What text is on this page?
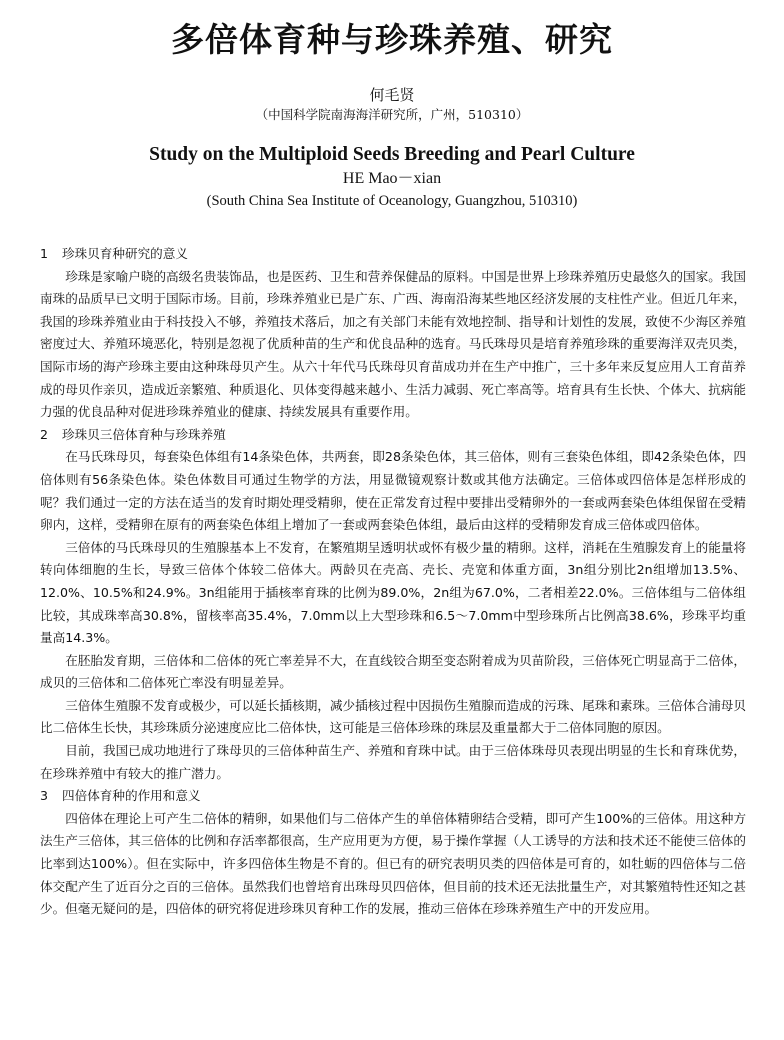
多倍体育种与珍珠养殖、研究
何毛贤
（中国科学院南海海洋研究所，广州，510310）
Study on the Multiploid Seeds Breeding and Pearl Culture
HE Mao－xian
(South China Sea Institute of Oceanology, Guangzhou, 510310)

1 珍珠贝育种研究的意义

珍珠是家喻户晓的高级名贵装饰品，也是医药、卫生和营养保健品的原料。中国是世界上珍珠养殖历史最悠久的国家。我国南珠的品质早已文明于国际市场。目前，珍珠养殖业已是广东、广西、海南沿海某些地区经济发展的支柱性产业。但近几年来，我国的珍珠养殖业由于科技投入不够，养殖技术落后，加之有关部门未能有效地控制、指导和计划性的发展，致使不少海区养殖密度过大、养殖环境恶化，特别是忽视了优质种苗的生产和优良品种的选育。马氏珠母贝是培育养殖珍珠的重要海洋双壳贝类，国际市场的海产珍珠主要由这种珠母贝产生。从六十年代马氏珠母贝育苗成功并在生产中推广，三十多年来反复应用人工育苗养成的母贝作亲贝，造成近亲繁殖、种质退化、贝体变得越来越小、生活力减弱、死亡率高等。培育具有生长快、个体大、抗病能力强的优良品种对促进珍珠养殖业的健康、持续发展具有重要作用。

2 珍珠贝三倍体育种与珍珠养殖

在马氏珠母贝，每套染色体组有14条染色体，共两套，即28条染色体，其三倍体，则有三套染色体组，即42条染色体，四倍体则有56条染色体。染色体数目可通过生物学的方法，用显微镜观察计数或其他方法确定。三倍体或四倍体是怎样形成的呢？我们通过一定的方法在适当的发育时期处理受精卵，使在正常发育过程中要排出受精卵外的一套或两套染色体组保留在受精卵内，这样，受精卵在原有的两套染色体组上增加了一套或两套染色体组，最后由这样的受精卵发育成三倍体或四倍体。

三倍体的马氏珠母贝的生殖腺基本上不发育，在繁殖期呈透明状或怀有极少量的精卵。这样，消耗在生殖腺发育上的能量将转向体细胞的生长，导致三倍体个体较二倍体大。两龄贝在壳高、壳长、壳宽和体重方面，3n组分别比2n组增加13.5%、12.0%、10.5%和24.9%。3n组能用于插核率育珠的比例为89.0%，2n组为67.0%，二者相差22.0%。三倍体组与二倍体组比较，其成珠率高30.8%，留核率高35.4%，7.0mm以上大型珍珠和6.5～7.0mm中型珍珠所占比例高38.6%，珍珠平均重量高14.3%。

在胚胎发育期，三倍体和二倍体的死亡率差异不大，在直线铰合期至变态附着成为贝苗阶段，三倍体死亡明显高于二倍体，成贝的三倍体和二倍体死亡率没有明显差异。

三倍体生殖腺不发育或极少，可以延长插核期，减少插核过程中因损伤生殖腺而造成的污珠、尾珠和素珠。三倍体合浦母贝比二倍体生长快，其珍珠质分泌速度应比二倍体快，这可能是三倍体珍珠的珠层及重量都大于二倍体同胞的原因。

目前，我国已成功地进行了珠母贝的三倍体种苗生产、养殖和育珠中试。由于三倍体珠母贝表现出明显的生长和育珠优势，在珍珠养殖中有较大的推广潜力。

3 四倍体育种的作用和意义

四倍体在理论上可产生二倍体的精卵，如果他们与二倍体产生的单倍体精卵结合受精，即可产生100%的三倍体。用这种方法生产三倍体，其三倍体的比例和存活率都很高，生产应用更为方便，易于操作掌握（人工诱导的方法和技术还不能使三倍体的比率到达100%）。但在实际中，许多四倍体生物是不育的。但已有的研究表明贝类的四倍体是可育的，如牡蛎的四倍体与二倍体交配产生了近百分之百的三倍体。虽然我们也曾培育出珠母贝四倍体，但目前的技术还无法批量生产，对其繁殖特性还知之甚少。但毫无疑问的是，四倍体的研究将促进珍珠贝育种工作的发展，推动三倍体在珍珠养殖生产中的开发应用。
